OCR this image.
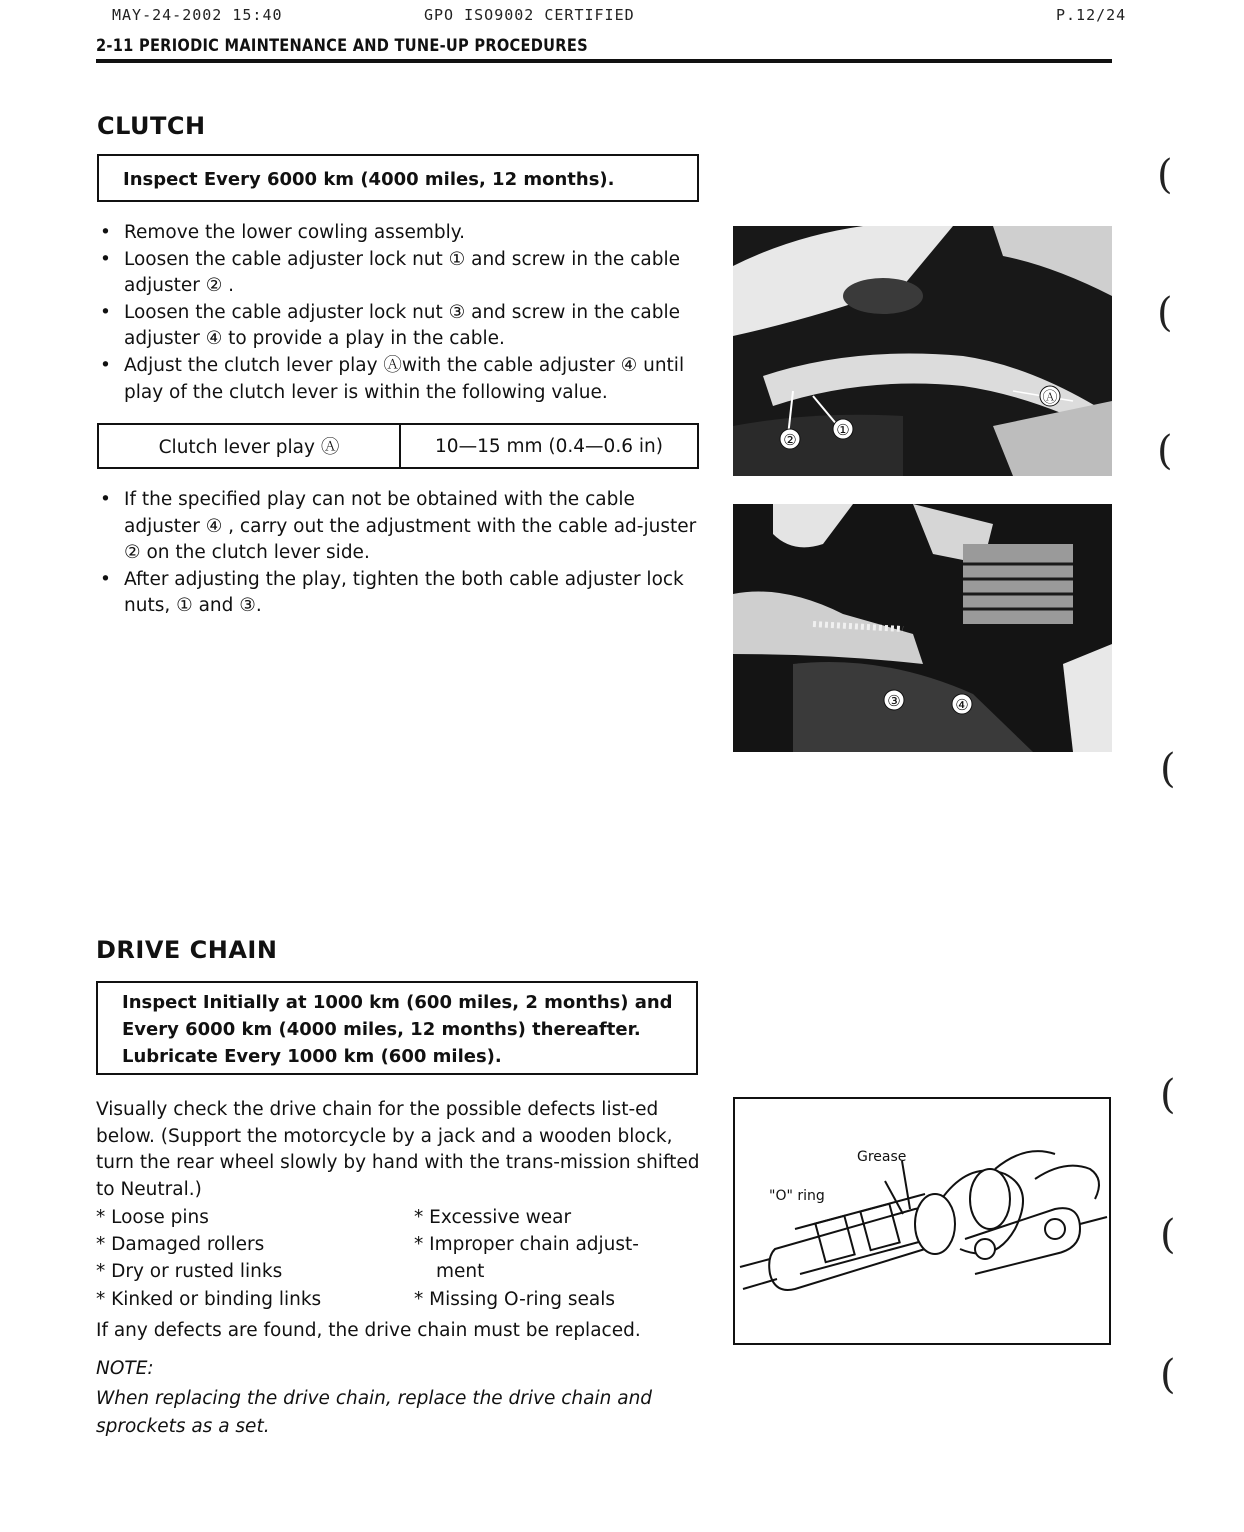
MAY-24-2002 15:40	GPO ISO9002 CERTIFIED	P.12/24
2-11 PERIODIC MAINTENANCE AND TUNE-UP PROCEDURES
CLUTCH
Inspect Every 6000 km (4000 miles, 12 months).
• Remove the lower cowling assembly.
• Loosen the cable adjuster lock nut ① and screw in the cable adjuster ② .
• Loosen the cable adjuster lock nut ③ and screw in the cable adjuster ④ to provide a play in the cable.
• Adjust the clutch lever play Ⓐwith the cable adjuster ④ until play of the clutch lever is within the following value.
Clutch lever play Ⓐ	10—15 mm (0.4—0.6 in)
• If the specified play can not be obtained with the cable adjuster ④ , carry out the adjustment with the cable ad-juster ② on the clutch lever side.
• After adjusting the play, tighten the both cable adjuster lock nuts, ① and ③.
②
①
Ⓐ
③	④
DRIVE CHAIN
Inspect Initially at 1000 km (600 miles, 2 months) and
Every 6000 km (4000 miles, 12 months) thereafter.
Lubricate Every 1000 km (600 miles).
Visually check the drive chain for the possible defects list-ed below. (Support the motorcycle by a jack and a wooden block, turn the rear wheel slowly by hand with the trans-mission shifted to Neutral.)
* Loose pins	* Excessive wear
* Damaged rollers	* Improper chain adjust-
* Dry or rusted links	ment
* Kinked or binding links	* Missing O-ring seals
If any defects are found, the drive chain must be replaced.
NOTE:
When replacing the drive chain, replace the drive chain and sprockets as a set.
Grease
"O" ring
(
(
(
(
(
(
(
